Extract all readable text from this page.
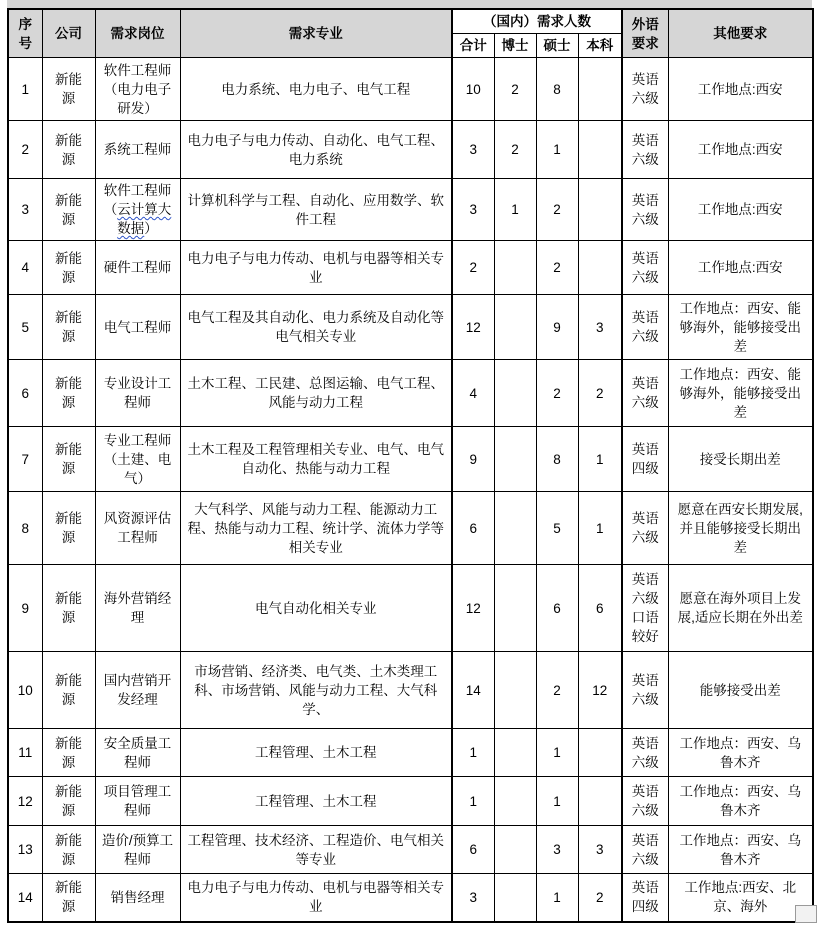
序号	公司	需求岗位	需求专业	（国内）需求人数				外语要求	其他要求
				合计	博士	硕士	本科		
1	新能源	软件工程师（电力电子研发）	电力系统、电力电子、电气工程	10	2	8		英语六级	工作地点:西安
2	新能源	系统工程师	电力电子与电力传动、自动化、电气工程、电力系统	3	2	1		英语六级	工作地点:西安
3	新能源	软件工程师（云计算大数据）	计算机科学与工程、自动化、应用数学、软件工程	3	1	2		英语六级	工作地点:西安
4	新能源	硬件工程师	电力电子与电力传动、电机与电器等相关专业	2		2		英语六级	工作地点:西安
5	新能源	电气工程师	电气工程及其自动化、电力系统及自动化等电气相关专业	12		9	3	英语六级	工作地点：西安、能够海外，能够接受出差
6	新能源	专业设计工程师	土木工程、工民建、总图运输、电气工程、风能与动力工程	4		2	2	英语六级	工作地点：西安、能够海外，能够接受出差
7	新能源	专业工程师（土建、电气）	土木工程及工程管理相关专业、电气、电气自动化、热能与动力工程	9		8	1	英语四级	接受长期出差
8	新能源	风资源评估工程师	大气科学、风能与动力工程、能源动力工程、热能与动力工程、统计学、流体力学等相关专业	6		5	1	英语六级	愿意在西安长期发展,并且能够接受长期出差
9	新能源	海外营销经理	电气自动化相关专业	12		6	6	英语六级口语较好	愿意在海外项目上发展,适应长期在外出差
10	新能源	国内营销开发经理	市场营销、经济类、电气类、土木类理工科、市场营销、风能与动力工程、大气科学、	14		2	12	英语六级	能够接受出差
11	新能源	安全质量工程师	工程管理、土木工程	1		1		英语六级	工作地点：西安、乌鲁木齐
12	新能源	项目管理工程师	工程管理、土木工程	1		1		英语六级	工作地点：西安、乌鲁木齐
13	新能源	造价/预算工程师	工程管理、技术经济、工程造价、电气相关等专业	6		3	3	英语六级	工作地点：西安、乌鲁木齐
14	新能源	销售经理	电力电子与电力传动、电机与电器等相关专业	3		1	2	英语四级	工作地点:西安、北京、海外
